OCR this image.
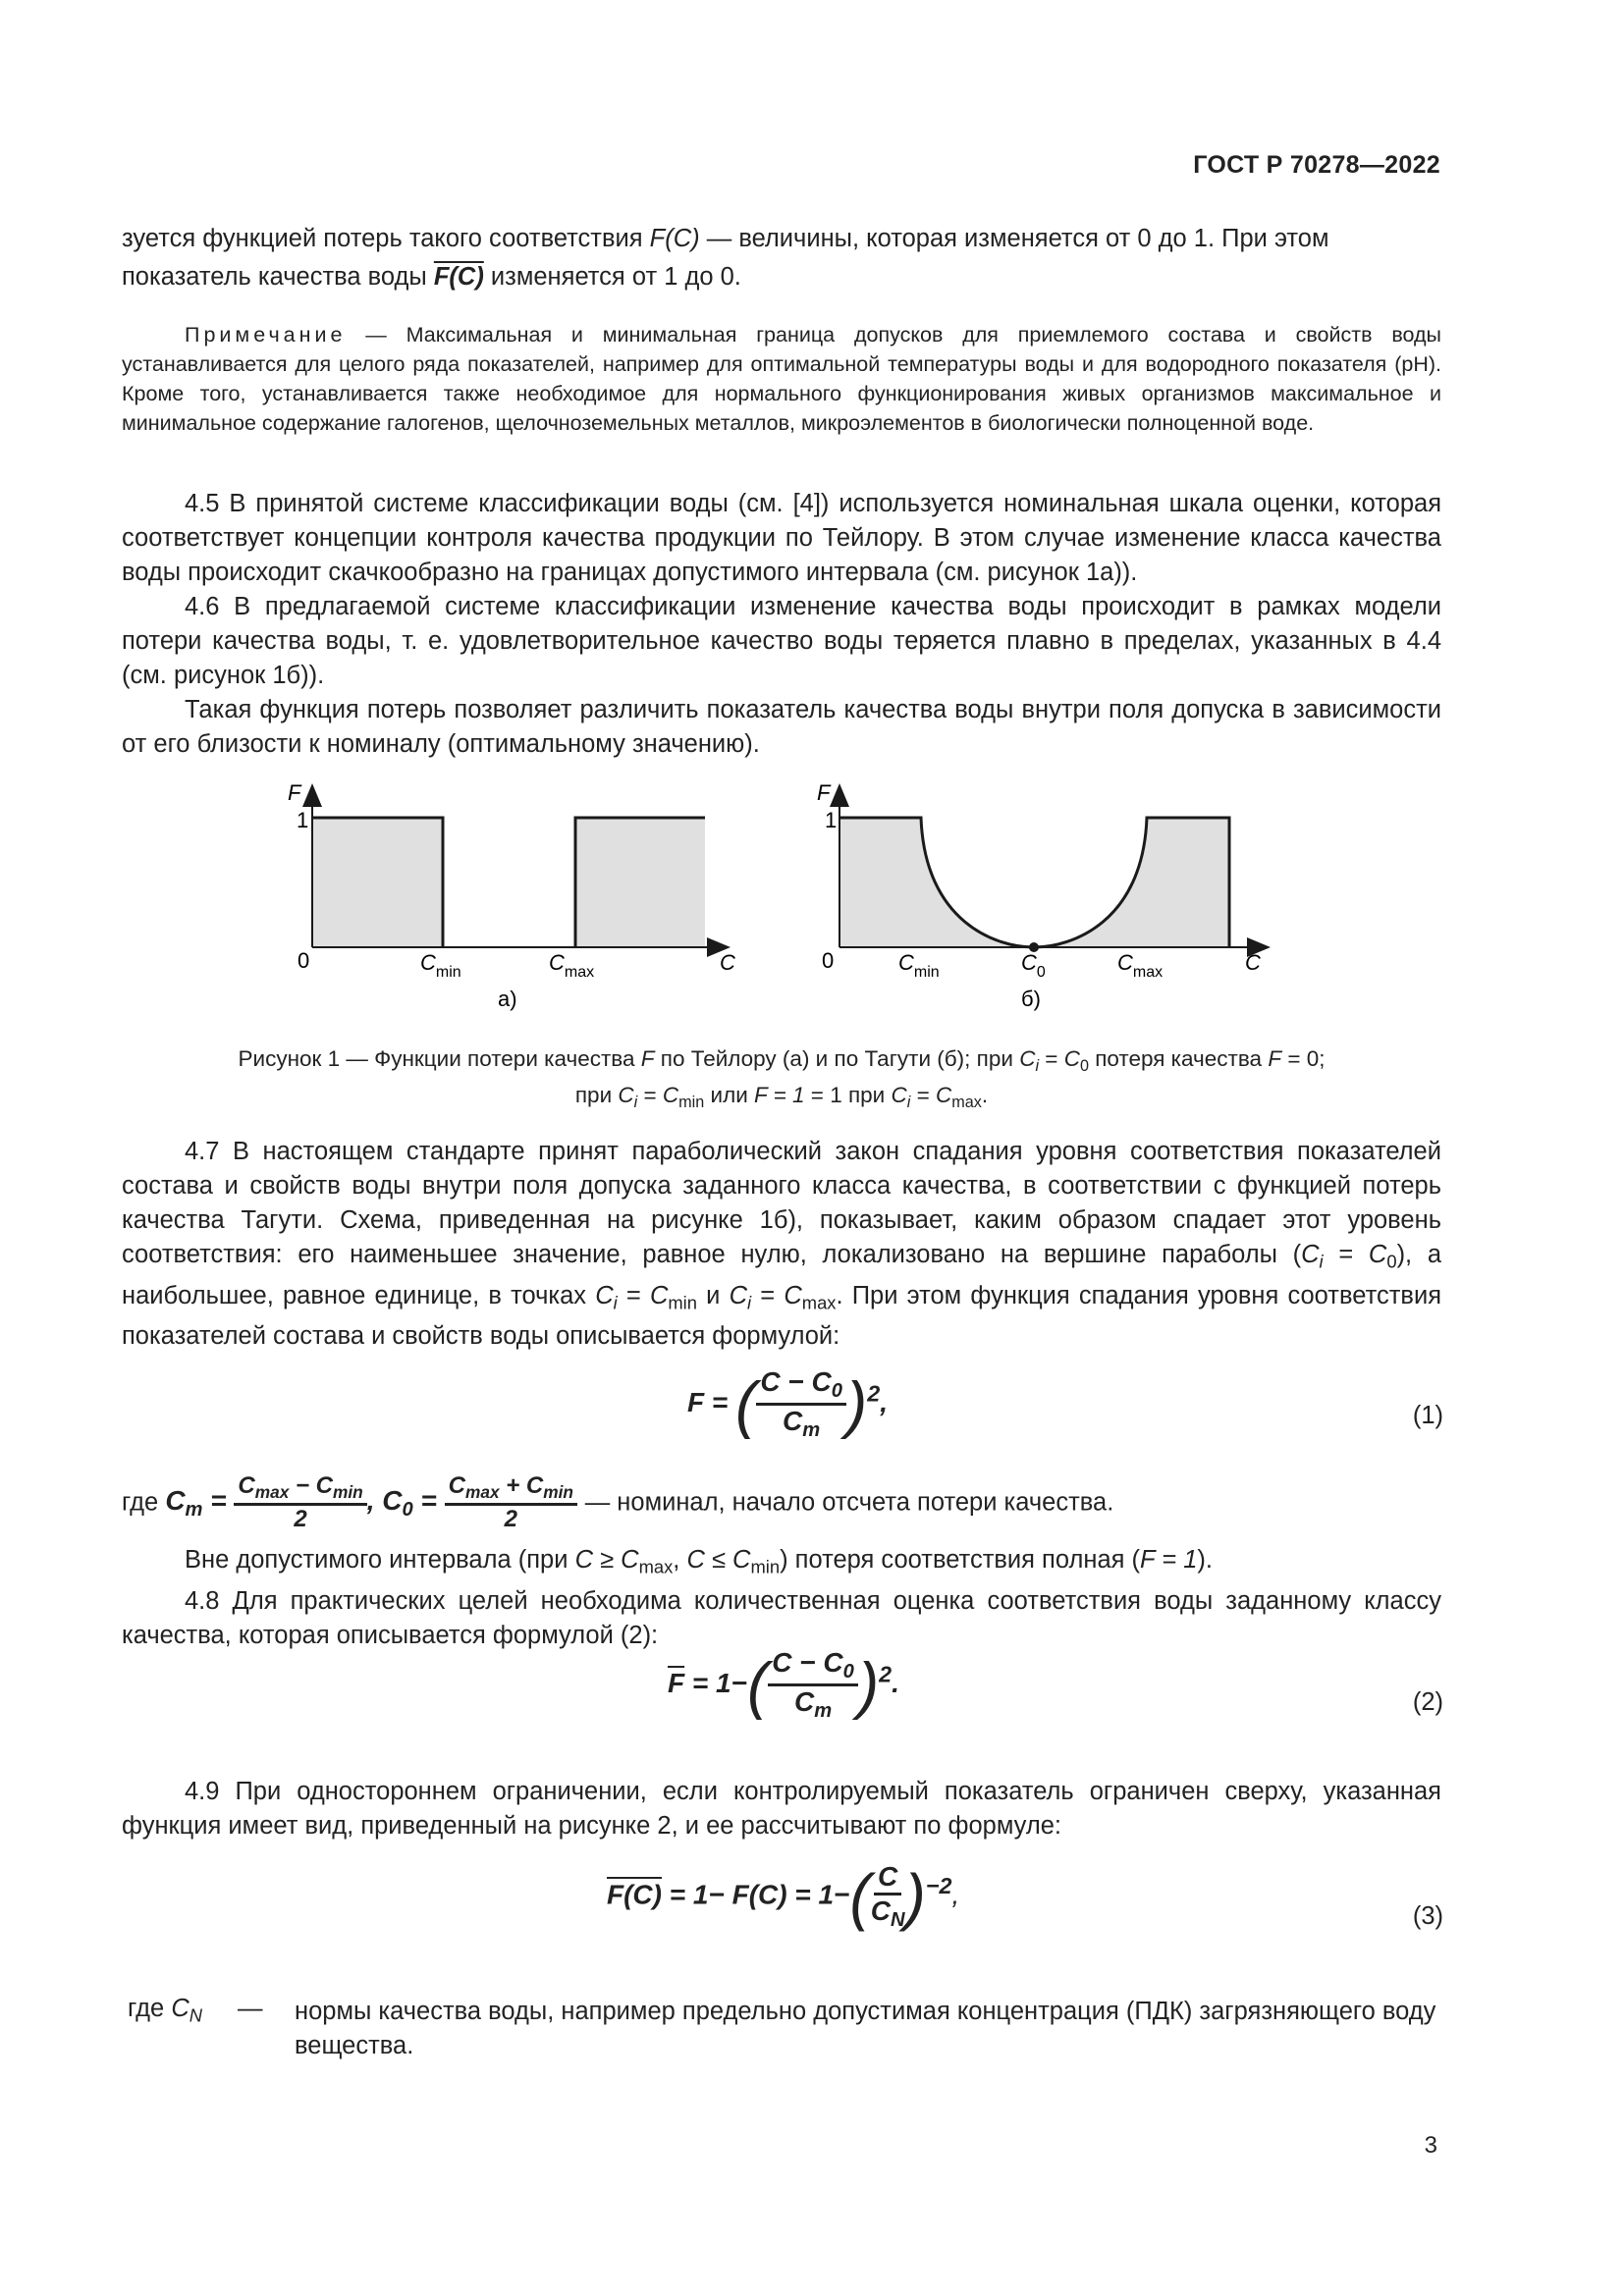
ГОСТ Р 70278—2022

зуется функцией потерь такого соответствия F(C) — величины, которая изменяется от 0 до 1. При этом

показатель качества воды F(C) изменяется от 1 до 0.

Примечание — Максимальная и минимальная граница допусков для приемлемого состава и свойств воды устанавливается для целого ряда показателей, например для оптимальной температуры воды и для водородного показателя (pH). Кроме того, устанавливается также необходимое для нормального функционирования живых организмов максимальное и минимальное содержание галогенов, щелочноземельных металлов, микроэлементов в биологически полноценной воде.

4.5 В принятой системе классификации воды (см. [4]) используется номинальная шкала оценки, которая соответствует концепции контроля качества продукции по Тейлору. В этом случае изменение класса качества воды происходит скачкообразно на границах допустимого интервала (см. рисунок 1а)).

4.6 В предлагаемой системе классификации изменение качества воды происходит в рамках модели потери качества воды, т. е. удовлетворительное качество воды теряется плавно в пределах, указанных в 4.4 (см. рисунок 1б)).

Такая функция потерь позволяет различить показатель качества воды внутри поля допуска в зависимости от его близости к номиналу (оптимальному значению).

F
1
0	$C_{min}$	$C_{max}$	C
а)
F
1
0	$C_{min}$	$C_0$	$C_{max}$	C
б)
Рисунок 1 — Функции потери качества F по Тейлору (а) и по Тагути (б); при $C_i = C_0$ потеря качества F = 0;
при $C_i = C_{min}$ или F = 1 = 1 при $C_i = C_{max}$.

4.7 В настоящем стандарте принят параболический закон спадания уровня соответствия показателей состава и свойств воды внутри поля допуска заданного класса качества, в соответствии с функцией потерь качества Тагути. Схема, приведенная на рисунке 1б), показывает, каким образом спадает этот уровень соответствия: его наименьшее значение, равное нулю, локализовано на вершине параболы $(C_i = C_0)$, а наибольшее, равное единице, в точках $C_i = C_{min}$ и $C_i = C_{max}$. При этом функция спадания уровня соответствия показателей состава и свойств воды описывается формулой:

F = ( $\frac{C - C_0}{C_m} )^2$,	(1)
где $C_m = \frac{C_{max} - C_{min}}{2}$ , $C_0 = \frac{C_{max} + C_{min}}{2}$ — номинал, начало отсчета потери качества.

Вне допустимого интервала (при $C \ge C_{max}$, $C \le C_{min}$) потеря соответствия полная (F = 1).

4.8 Для практических целей необходима количественная оценка соответствия воды заданному классу качества, которая описывается формулой (2):

$\overline{F} = 1-( \frac{C - C_0}{C_m} )^2$.
(2)

4.9 При одностороннем ограничении, если контролируемый показатель ограничен сверху, указанная функция имеет вид, приведенный на рисунке 2, и ее рассчитывают по формуле:

$F(C) = 1- F(C) = 1-( \frac{C}{C_N} )^{-2}$,
(3)
где $C_N$ — нормы качества воды, например предельно допустимая концентрация (ПДК) загрязняющего воду вещества.
3
